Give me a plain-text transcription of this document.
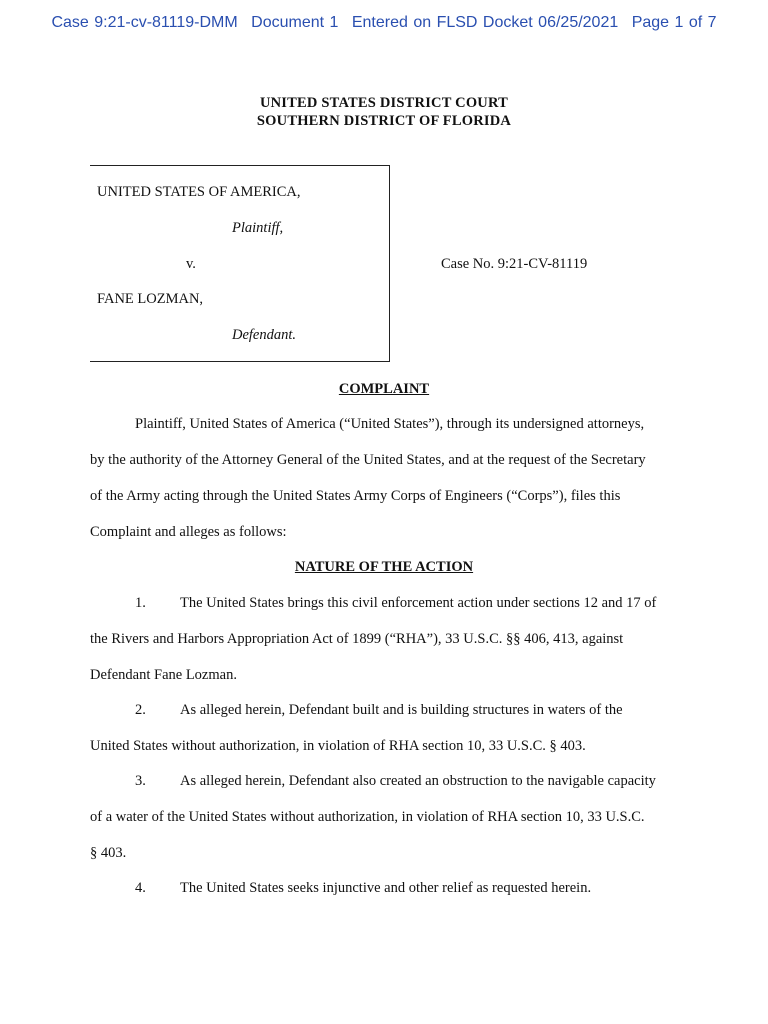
Case 9:21-cv-81119-DMM Document 1 Entered on FLSD Docket 06/25/2021 Page 1 of 7
UNITED STATES DISTRICT COURT
SOUTHERN DISTRICT OF FLORIDA
UNITED STATES OF AMERICA,
Plaintiff,
v.
FANE LOZMAN,
Defendant.
Case No. 9:21-CV-81119
COMPLAINT
Plaintiff, United States of America (“United States”), through its undersigned attorneys,
by the authority of the Attorney General of the United States, and at the request of the Secretary
of the Army acting through the United States Army Corps of Engineers (“Corps”), files this
Complaint and alleges as follows:
NATURE OF THE ACTION
1. The United States brings this civil enforcement action under sections 12 and 17 of
the Rivers and Harbors Appropriation Act of 1899 (“RHA”), 33 U.S.C. §§ 406, 413, against
Defendant Fane Lozman.
2. As alleged herein, Defendant built and is building structures in waters of the
United States without authorization, in violation of RHA section 10, 33 U.S.C. § 403.
3. As alleged herein, Defendant also created an obstruction to the navigable capacity
of a water of the United States without authorization, in violation of RHA section 10, 33 U.S.C.
§ 403.
4. The United States seeks injunctive and other relief as requested herein.
